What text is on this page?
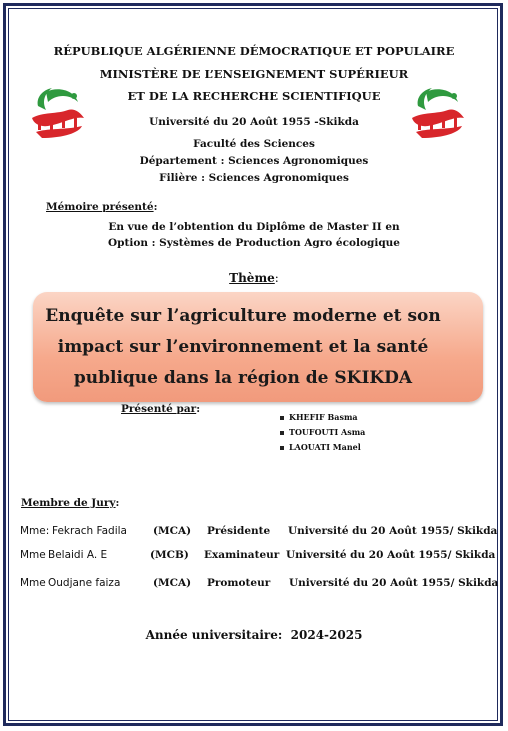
RÉPUBLIQUE ALGÉRIENNE DÉMOCRATIQUE ET POPULAIRE
MINISTÈRE DE L’ENSEIGNEMENT SUPÉRIEUR
ET DE LA RECHERCHE SCIENTIFIQUE
Université du 20 Août 1955 -Skikda
Faculté des Sciences
Département : Sciences Agronomiques
Filière : Sciences Agronomiques
Mémoire présenté:
En vue de l’obtention du Diplôme de Master II en
Option : Systèmes de Production Agro écologique
Thème:
Enquête sur l’agriculture moderne et son
impact sur l’environnement et la santé
publique dans la région de SKIKDA
Présenté par:
KHEFIF Basma
TOUFOUTI Asma
LAOUATI Manel
Membre de Jury:
Mme: Fekrach Fadila (MCA) Présidente Université du 20 Août 1955/ Skikda
Mme Belaidi A. E	(MCB) Examinateur Université du 20 Août 1955/ Skikda
Mme Oudjane faiza	(MCA) Promoteur Université du 20 Août 1955/ Skikda
Année universitaire: 2024-2025
